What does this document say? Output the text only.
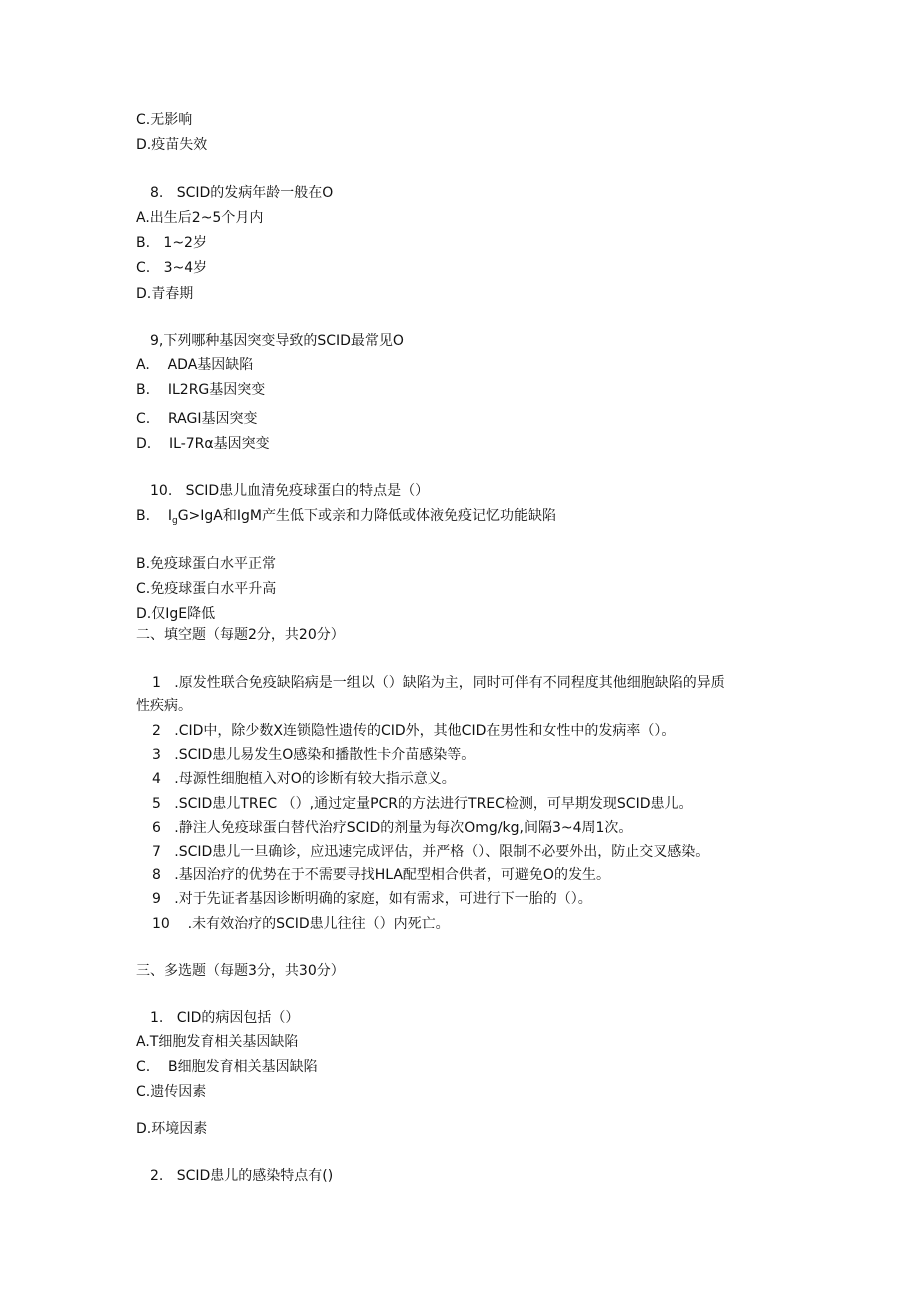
C.无影响
D.疫苗失效
8.   SCID的发病年龄一般在O
A.出生后2~5个月内
B.   1~2岁
C.   3~4岁
D.青春期
9,下列哪种基因突变导致的SCID最常见O
A.    ADA基因缺陷
B.    IL2RG基因突变
C.    RAGI基因突变
D.    IL-7Rα基因突变
10.   SCID患儿血清免疫球蛋白的特点是（）
B.    $I_gG>IgA$和IgM产生低下或亲和力降低或体液免疫记忆功能缺陷
B.免疫球蛋白水平正常
C.免疫球蛋白水平升高
D.仅IgE降低
二、填空题（每题2分，共20分）
1   .原发性联合免疫缺陷病是一组以（）缺陷为主，同时可伴有不同程度其他细胞缺陷的异质
性疾病。
2   .CID中，除少数X连锁隐性遗传的CID外，其他CID在男性和女性中的发病率（）。
3   .SCID患儿易发生O感染和播散性卡介苗感染等。
4   .母源性细胞植入对O的诊断有较大指示意义。
5   .SCID患儿TREC （）,通过定量PCR的方法进行TREC检测，可早期发现SCID患儿。
6   .静注人免疫球蛋白替代治疗SCID的剂量为每次Omg∕kg,间隔3~4周1次。
7   .SCID患儿一旦确诊，应迅速完成评估，并严格（）、限制不必要外出，防止交叉感染。
8   .基因治疗的优势在于不需要寻找HLA配型相合供者，可避免O的发生。
9   .对于先证者基因诊断明确的家庭，如有需求，可进行下一胎的（）。
10    .未有效治疗的SCID患儿往往（）内死亡。
三、多选题（每题3分，共30分）
1.   CID的病因包括（）
A.T细胞发育相关基因缺陷
C.    B细胞发育相关基因缺陷
C.遗传因素
D.环境因素
2.   SCID患儿的感染特点有()
